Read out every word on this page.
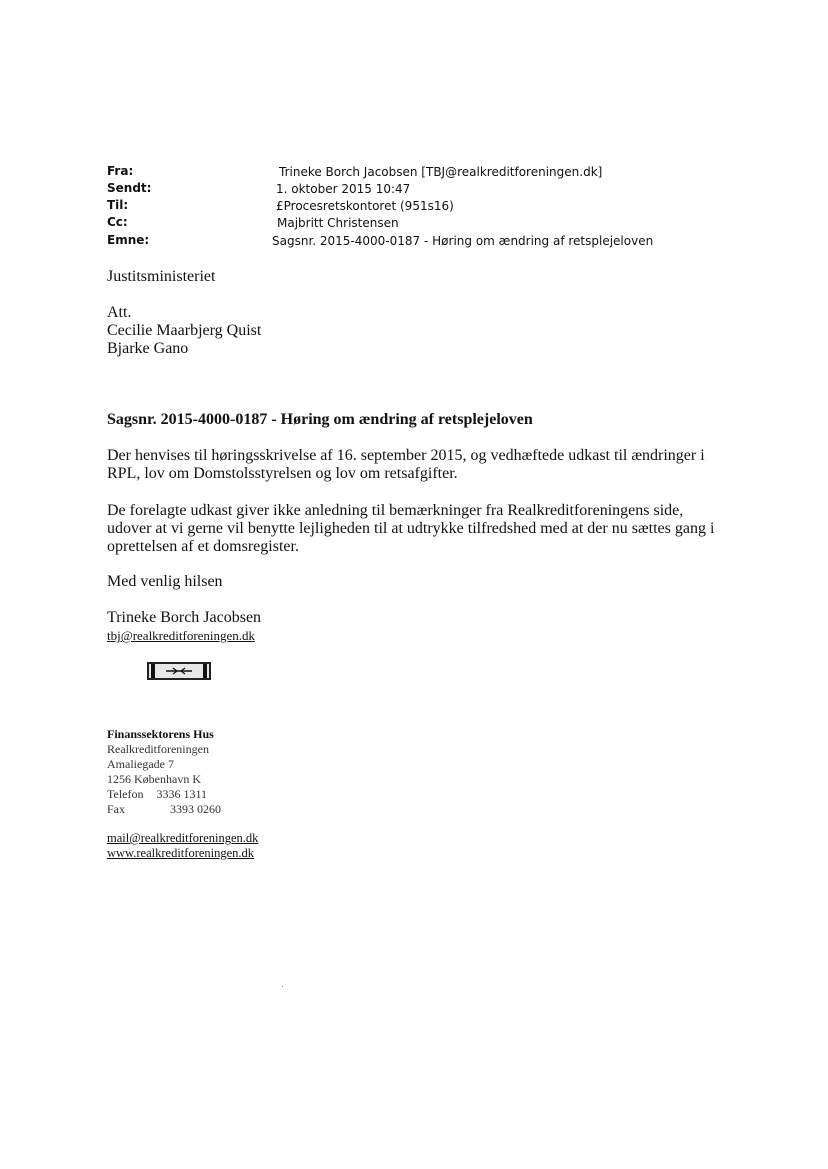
Fra:	Trineke Borch Jacobsen [TBJ@realkreditforeningen.dk]
Sendt:	1. oktober 2015 10:47
Til:	£Procesretskontoret (951s16)
Cc:	Majbritt Christensen
Emne:	Sagsnr. 2015-4000-0187 - Høring om ændring af retsplejeloven
Justitsministeriet
Att.
Cecilie Maarbjerg Quist
Bjarke Gano
Sagsnr. 2015-4000-0187 - Høring om ændring af retsplejeloven
Der henvises til høringsskrivelse af 16. september 2015, og vedhæftede udkast til ændringer i
RPL, lov om Domstolsstyrelsen og lov om retsafgifter.
De forelagte udkast giver ikke anledning til bemærkninger fra Realkreditforeningens side,
udover at vi gerne vil benytte lejligheden til at udtrykke tilfredshed med at der nu sættes gang i
oprettelsen af et domsregister.
Med venlig hilsen
Trineke Borch Jacobsen
tbj@realkreditforeningen.dk
Finanssektorens Hus
Realkreditforeningen
Amaliegade 7
1256 København K
Telefon 3336 1311
Fax	3393 0260
mail@realkreditforeningen.dk
www.realkreditforeningen.dk
